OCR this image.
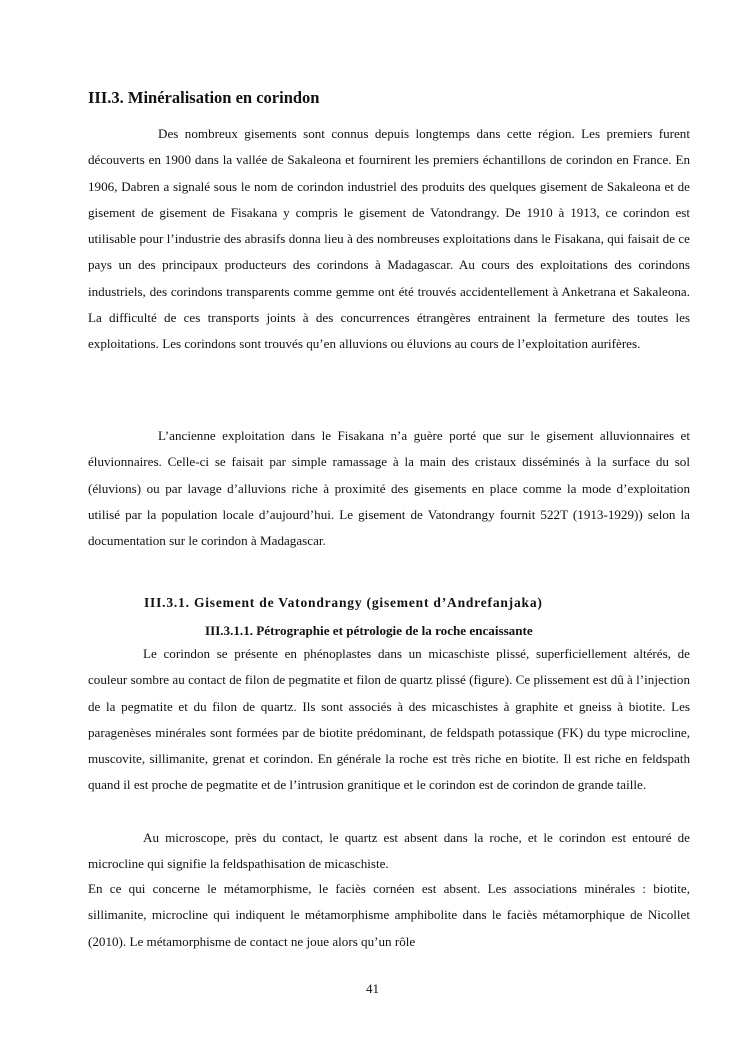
III.3. Minéralisation en corindon

Des nombreux gisements sont connus depuis longtemps dans cette région. Les premiers furent découverts en 1900 dans la vallée de Sakaleona et fournirent les premiers échantillons de corindon en France. En 1906, Dabren a signalé sous le nom de corindon industriel des produits des quelques gisement de Sakaleona et de gisement de gisement de Fisakana y compris le gisement de Vatondrangy. De 1910 à 1913, ce corindon est utilisable pour l’industrie des abrasifs donna lieu à des nombreuses exploitations dans le Fisakana, qui faisait de ce pays un des principaux producteurs des corindons à Madagascar. Au cours des exploitations des corindons industriels, des corindons transparents comme gemme ont été trouvés accidentellement à Anketrana et Sakaleona. La difficulté de ces transports joints à des concurrences étrangères entrainent la fermeture des toutes les exploitations. Les corindons sont trouvés qu’en alluvions ou éluvions au cours de l’exploitation aurifères.

L’ancienne exploitation dans le Fisakana n’a guère porté que sur le gisement alluvionnaires et éluvionnaires. Celle-ci se faisait par simple ramassage à la main des cristaux disséminés à la surface du sol (éluvions) ou par lavage d’alluvions riche à proximité des gisements en place comme la mode d’exploitation utilisé par la population locale d’aujourd’hui. Le gisement de Vatondrangy fournit 522T (1913-1929)) selon la documentation sur le corindon à Madagascar.

III.3.1. Gisement de Vatondrangy (gisement d’Andrefanjaka)
III.3.1.1. Pétrographie et pétrologie de la roche encaissante

Le corindon se présente en phénoplastes dans un micaschiste plissé, superficiellement altérés, de couleur sombre au contact de filon de pegmatite et filon de quartz plissé (figure). Ce plissement est dû à l’injection de la pegmatite et du filon de quartz. Ils sont associés à des micaschistes à graphite et gneiss à biotite. Les paragenèses minérales sont formées par de biotite prédominant, de feldspath potassique (FK) du type microcline, muscovite, sillimanite, grenat et corindon. En générale la roche est très riche en biotite. Il est riche en feldspath quand il est proche de pegmatite et de l’intrusion granitique et le corindon est de corindon de grande taille.

Au microscope, près du contact, le quartz est absent dans la roche, et le corindon est entouré de microcline qui signifie la feldspathisation de micaschiste.

En ce qui concerne le métamorphisme, le faciès cornéen est absent. Les associations minérales : biotite, sillimanite, microcline qui indiquent le métamorphisme amphibolite dans le faciès métamorphique de Nicollet (2010). Le métamorphisme de contact ne joue alors qu’un rôle

41
